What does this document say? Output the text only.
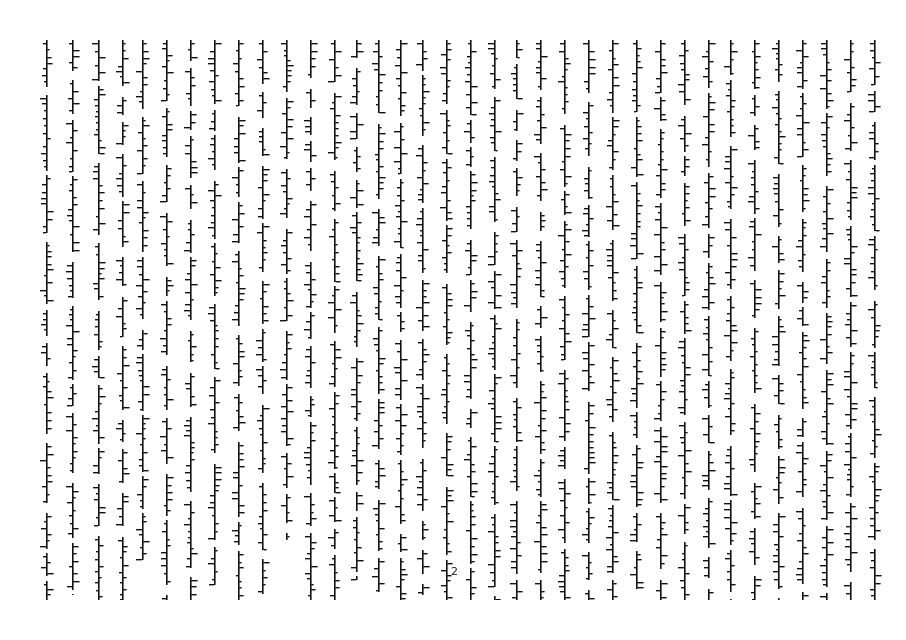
2
